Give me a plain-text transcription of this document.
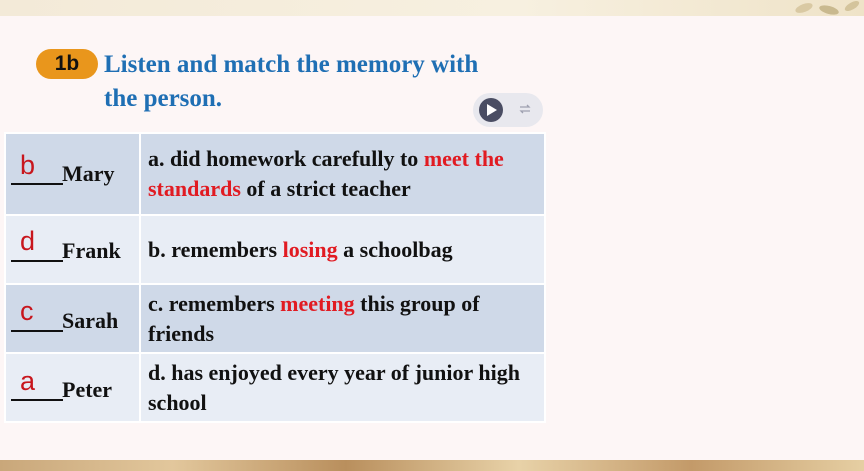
1b Listen and match the memory with the person.
b Mary	a. did homework carefully to meet the standards of a strict teacher

d Frank	b. remembers losing a schoolbag

c Sarah	c. remembers meeting this group of friends

a Peter	d. has enjoyed every year of junior high school
